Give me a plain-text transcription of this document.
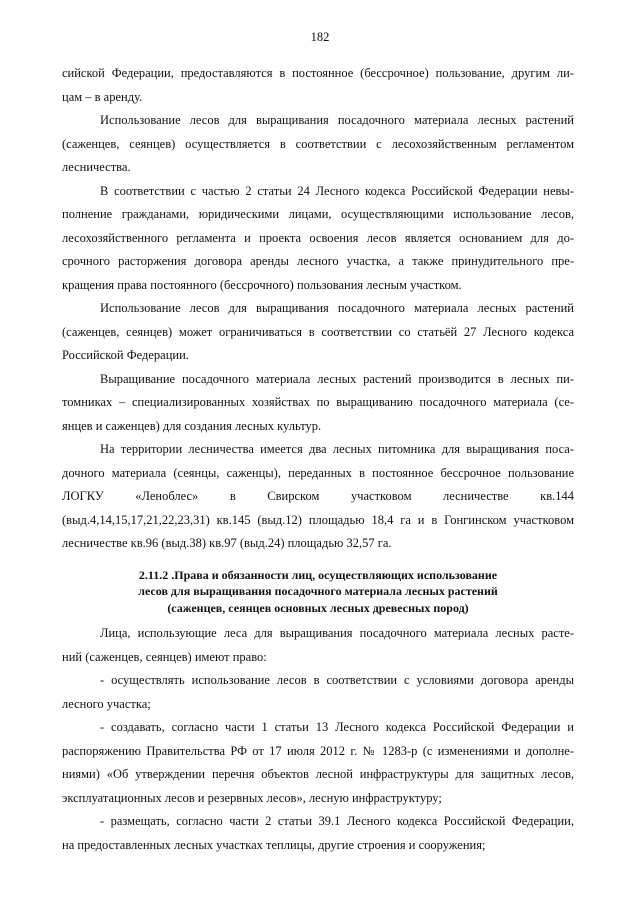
182
сийской Федерации, предоставляются в постоянное (бессрочное) пользование, другим ли-
цам – в аренду.
Использование лесов для выращивания посадочного материала лесных растений
(саженцев, сеянцев) осуществляется в соответствии с лесохозяйственным регламентом
лесничества.
В соответствии с частью 2 статьи 24 Лесного кодекса Российской Федерации невы-
полнение гражданами, юридическими лицами, осуществляющими использование лесов,
лесохозяйственного регламента и проекта освоения лесов является основанием для до-
срочного расторжения договора аренды лесного участка, а также принудительного пре-
кращения права постоянного (бессрочного) пользования лесным участком.
Использование лесов для выращивания посадочного материала лесных растений
(саженцев, сеянцев) может ограничиваться в соответствии со статьёй 27 Лесного кодекса
Российской Федерации.
Выращивание посадочного материала лесных растений производится в лесных пи-
томниках – специализированных хозяйствах по выращиванию посадочного материала (се-
янцев и саженцев) для создания лесных культур.
На территории лесничества имеется два лесных питомника для выращивания поса-
дочного материала (сеянцы, саженцы), переданных в постоянное бессрочное пользование
ЛОГКУ «Леноблес» в Свирском участковом лесничестве кв.144
(выд.4,14,15,17,21,22,23,31) кв.145 (выд.12) площадью 18,4 га и в Гонгинском участковом
лесничестве кв.96 (выд.38) кв.97 (выд.24) площадью 32,57 га.
2.11.2 .Права и обязанности лиц, осуществляющих использование
лесов для выращивания посадочного материала лесных растений
(саженцев, сеянцев основных лесных древесных пород)
Лица, использующие леса для выращивания посадочного материала лесных расте-
ний (саженцев, сеянцев) имеют право:
- осуществлять использование лесов в соответствии с условиями договора аренды
лесного участка;
- создавать, согласно части 1 статьи 13 Лесного кодекса Российской Федерации и
распоряжению Правительства РФ от 17 июля 2012 г. № 1283-р (с изменениями и дополне-
ниями) «Об утверждении перечня объектов лесной инфраструктуры для защитных лесов,
эксплуатационных лесов и резервных лесов», лесную инфраструктуру;
- размещать, согласно части 2 статьи 39.1 Лесного кодекса Российской Федерации,
на предоставленных лесных участках теплицы, другие строения и сооружения;
